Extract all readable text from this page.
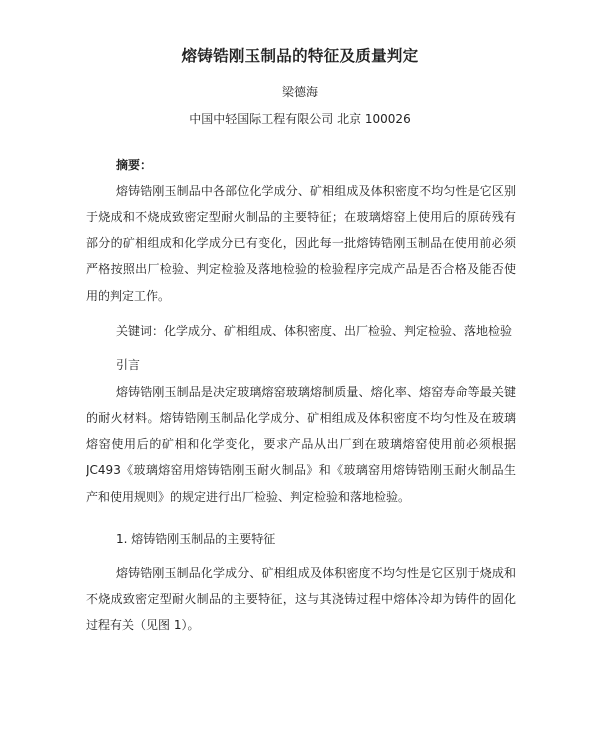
熔铸锆刚玉制品的特征及质量判定
梁德海
中国中轻国际工程有限公司 北京 100026
摘要：
熔铸锆刚玉制品中各部位化学成分、矿相组成及体积密度不均匀性是它区别
于烧成和不烧成致密定型耐火制品的主要特征；在玻璃熔窑上使用后的原砖残有
部分的矿相组成和化学成分已有变化，因此每一批熔铸锆刚玉制品在使用前必须
严格按照出厂检验、判定检验及落地检验的检验程序完成产品是否合格及能否使
用的判定工作。
关键词：化学成分、矿相组成、体积密度、出厂检验、判定检验、落地检验
引言
熔铸锆刚玉制品是决定玻璃熔窑玻璃熔制质量、熔化率、熔窑寿命等最关键
的耐火材料。熔铸锆刚玉制品化学成分、矿相组成及体积密度不均匀性及在玻璃
熔窑使用后的矿相和化学变化，要求产品从出厂到在玻璃熔窑使用前必须根据
JC493《玻璃熔窑用熔铸锆刚玉耐火制品》和《玻璃窑用熔铸锆刚玉耐火制品生
产和使用规则》的规定进行出厂检验、判定检验和落地检验。
1. 熔铸锆刚玉制品的主要特征
熔铸锆刚玉制品化学成分、矿相组成及体积密度不均匀性是它区别于烧成和
不烧成致密定型耐火制品的主要特征，这与其浇铸过程中熔体冷却为铸件的固化
过程有关（见图 1）。
